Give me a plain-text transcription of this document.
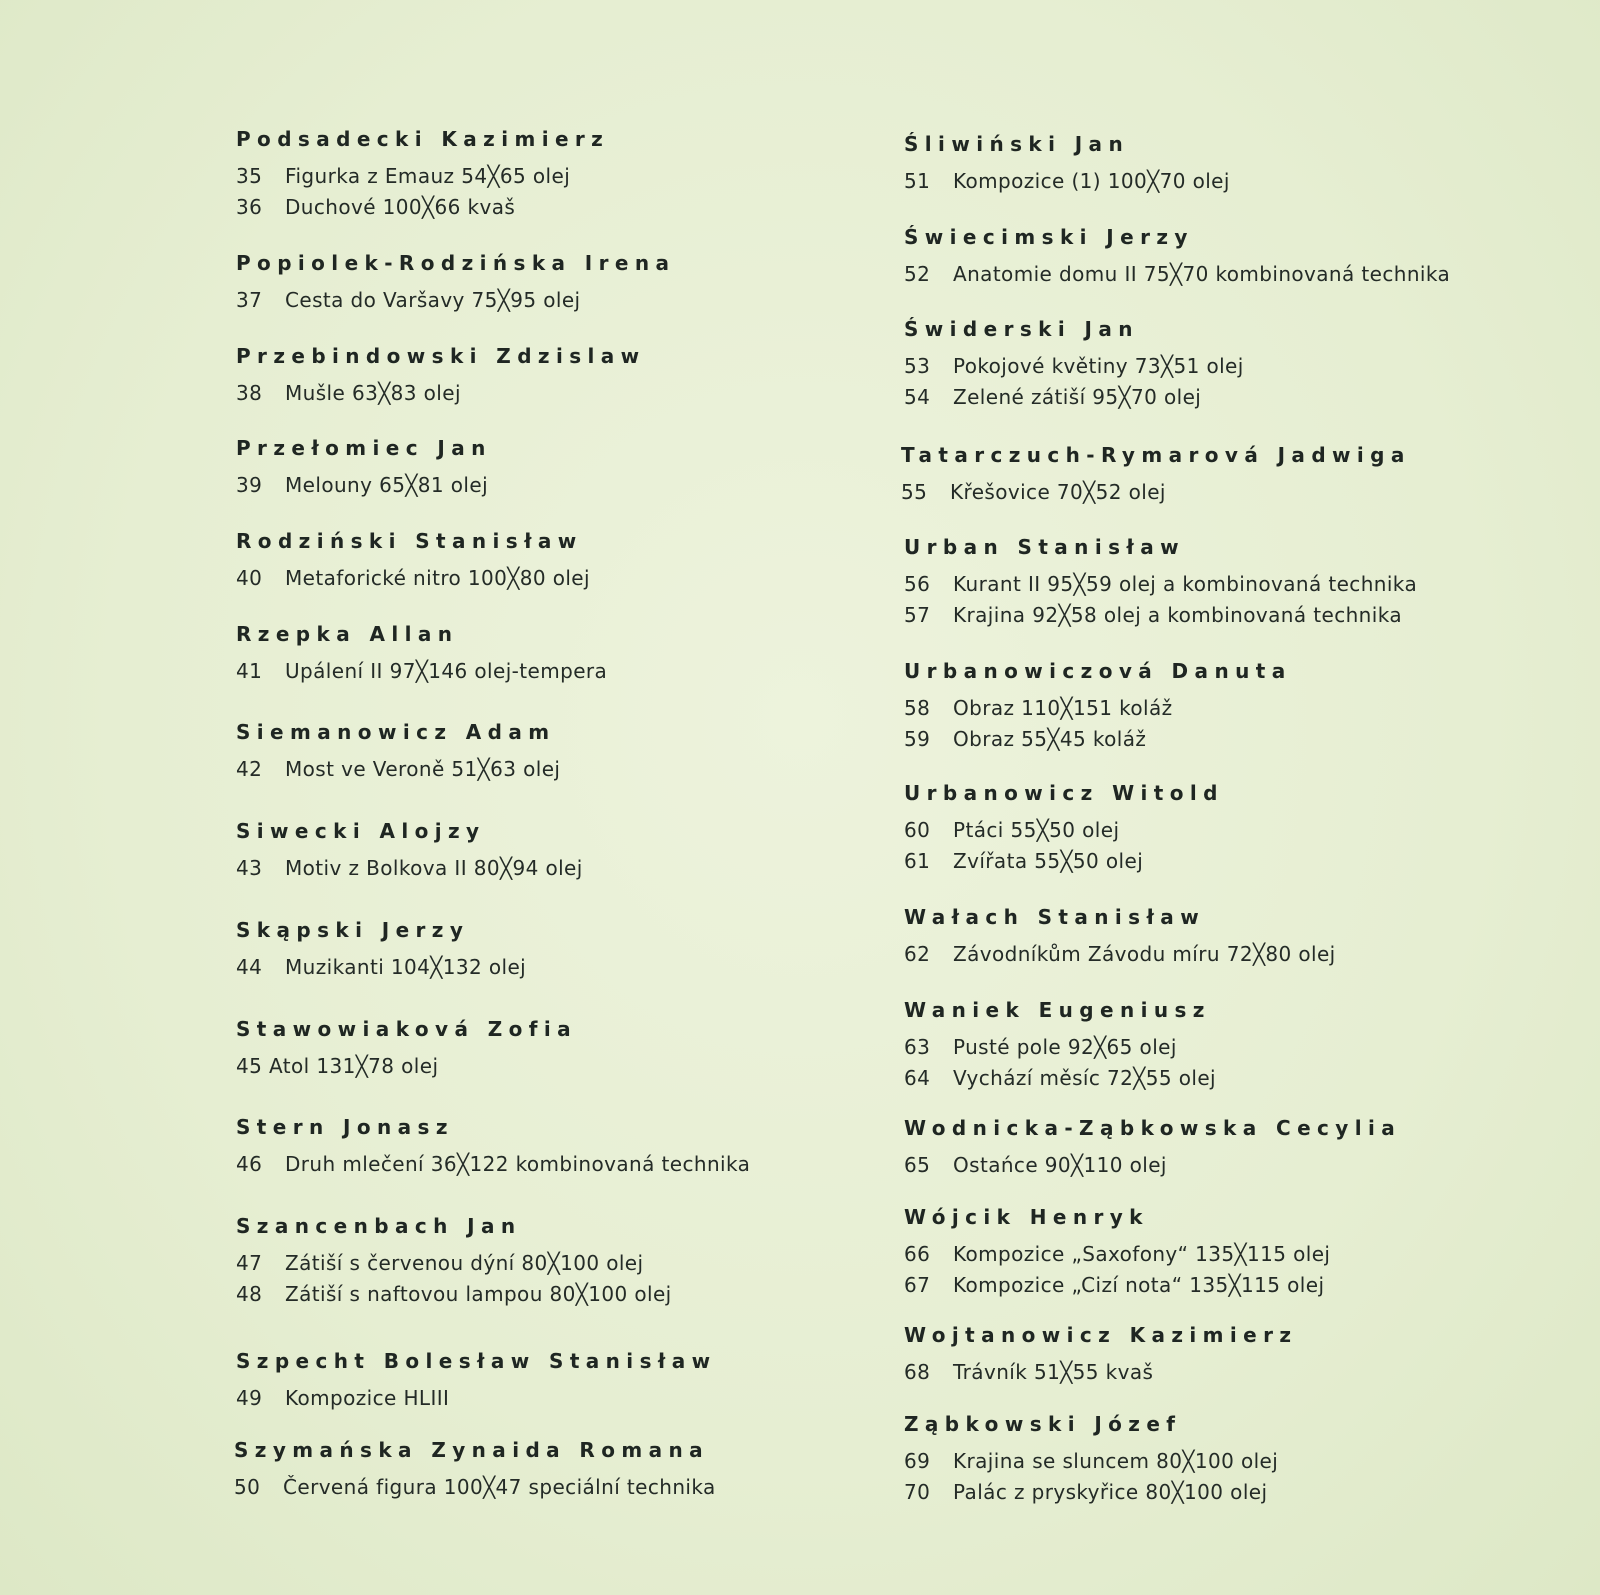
Podsadecki Kazimierz
35 Figurka z Emauz 54╳65 olej
36 Duchové 100╳66 kvaš
Popiolek-Rodzińska Irena
37 Cesta do Varšavy 75╳95 olej
Przebindowski Zdzislaw
38 Mušle 63╳83 olej
Przełomiec Jan
39 Melouny 65╳81 olej
Rodziński Stanisław
40 Metaforické nitro 100╳80 olej
Rzepka Allan
41 Upálení II 97╳146 olej-tempera
Siemanowicz Adam
42 Most ve Veroně 51╳63 olej
Siwecki Alojzy
43 Motiv z Bolkova II 80╳94 olej
Skąpski Jerzy
44 Muzikanti 104╳132 olej
Stawowiaková Zofia
45 Atol 131╳78 olej
Stern Jonasz
46 Druh mlečení 36╳122 kombinovaná technika
Szancenbach Jan
47 Zátiší s červenou dýní 80╳100 olej
48 Zátiší s naftovou lampou 80╳100 olej
Szpecht Bolesław Stanisław
49 Kompozice HLIII
Szymańska Zynaida Romana
50 Červená figura 100╳47 speciální technika
Śliwiński Jan
51 Kompozice (1) 100╳70 olej
Świecimski Jerzy
52 Anatomie domu II 75╳70 kombinovaná technika
Świderski Jan
53 Pokojové květiny 73╳51 olej
54 Zelené zátiší 95╳70 olej
Tatarczuch-Rymarová Jadwiga
55 Křešovice 70╳52 olej
Urban Stanisław
56 Kurant II 95╳59 olej a kombinovaná technika
57 Krajina 92╳58 olej a kombinovaná technika
Urbanowiczová Danuta
58 Obraz 110╳151 koláž
59 Obraz 55╳45 koláž
Urbanowicz Witold
60 Ptáci 55╳50 olej
61 Zvířata 55╳50 olej
Wałach Stanisław
62 Závodníkům Závodu míru 72╳80 olej
Waniek Eugeniusz
63 Pusté pole 92╳65 olej
64 Vychází měsíc 72╳55 olej
Wodnicka-Ząbkowska Cecylia
65 Ostańce 90╳110 olej
Wójcik Henryk
66 Kompozice „Saxofony“ 135╳115 olej
67 Kompozice „Cizí nota“ 135╳115 olej
Wojtanowicz Kazimierz
68 Trávník 51╳55 kvaš
Ząbkowski Józef
69 Krajina se sluncem 80╳100 olej
70 Palác z pryskyřice 80╳100 olej
